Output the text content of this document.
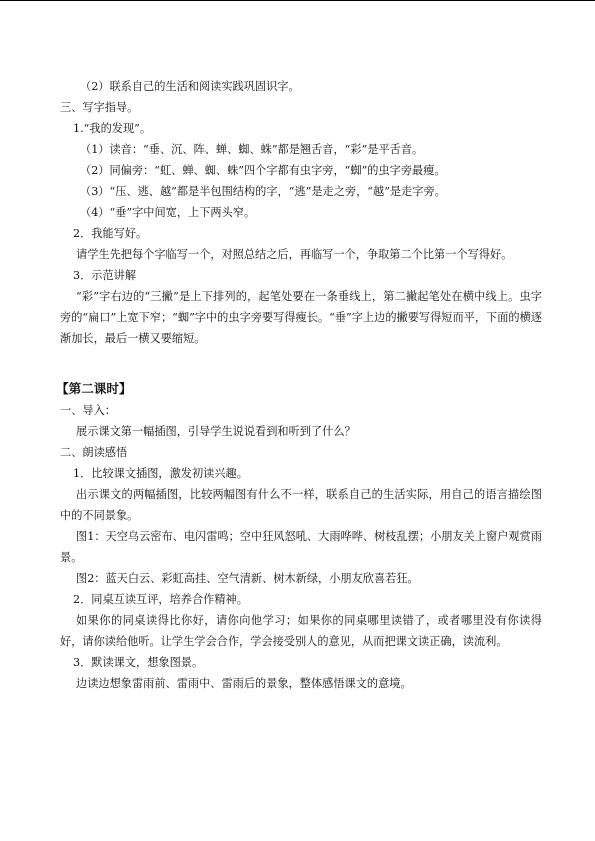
（2）联系自己的生活和阅读实践巩固识字。
三、写字指导。
1.“我的发现”。
（1）读音：“垂、沉、阵、蝉、蜘、蛛”都是翘舌音，“彩”是平舌音。
（2）同偏旁：“虹、蝉、蜘、蛛”四个字都有虫字旁，“蜘”的虫字旁最瘦。
（3）“压、逃、越”都是半包围结构的字，“逃”是走之旁，“越”是走字旁。
（4）“垂”字中间宽，上下两头窄。
2．我能写好。
请学生先把每个字临写一个，对照总结之后，再临写一个，争取第二个比第一个写得好。
3．示范讲解
“彩”字右边的“三撇”是上下排列的，起笔处要在一条垂线上，第二撇起笔处在横中线上。虫字旁的“扁口”上宽下窄；“蜘”字中的虫字旁要写得瘦长。“垂”字上边的撇要写得短而平，下面的横逐渐加长，最后一横又要缩短。
【第二课时】
一、导入：
展示课文第一幅插图，引导学生说说看到和听到了什么？
二、朗读感悟
1．比较课文插图，激发初读兴趣。
出示课文的两幅插图，比较两幅图有什么不一样，联系自己的生活实际，用自己的语言描绘图中的不同景象。
图1：天空乌云密布、电闪雷鸣；空中狂风怒吼、大雨哗哗、树枝乱摆；小朋友关上窗户观赏雨景。
图2：蓝天白云、彩虹高挂、空气清新、树木新绿，小朋友欣喜若狂。
2．同桌互读互评，培养合作精神。
如果你的同桌读得比你好，请你向他学习；如果你的同桌哪里读错了，或者哪里没有你读得好，请你读给他听。让学生学会合作，学会接受别人的意见，从而把课文读正确，读流利。
3．默读课文，想象图景。
边读边想象雷雨前、雷雨中、雷雨后的景象，整体感悟课文的意境。
